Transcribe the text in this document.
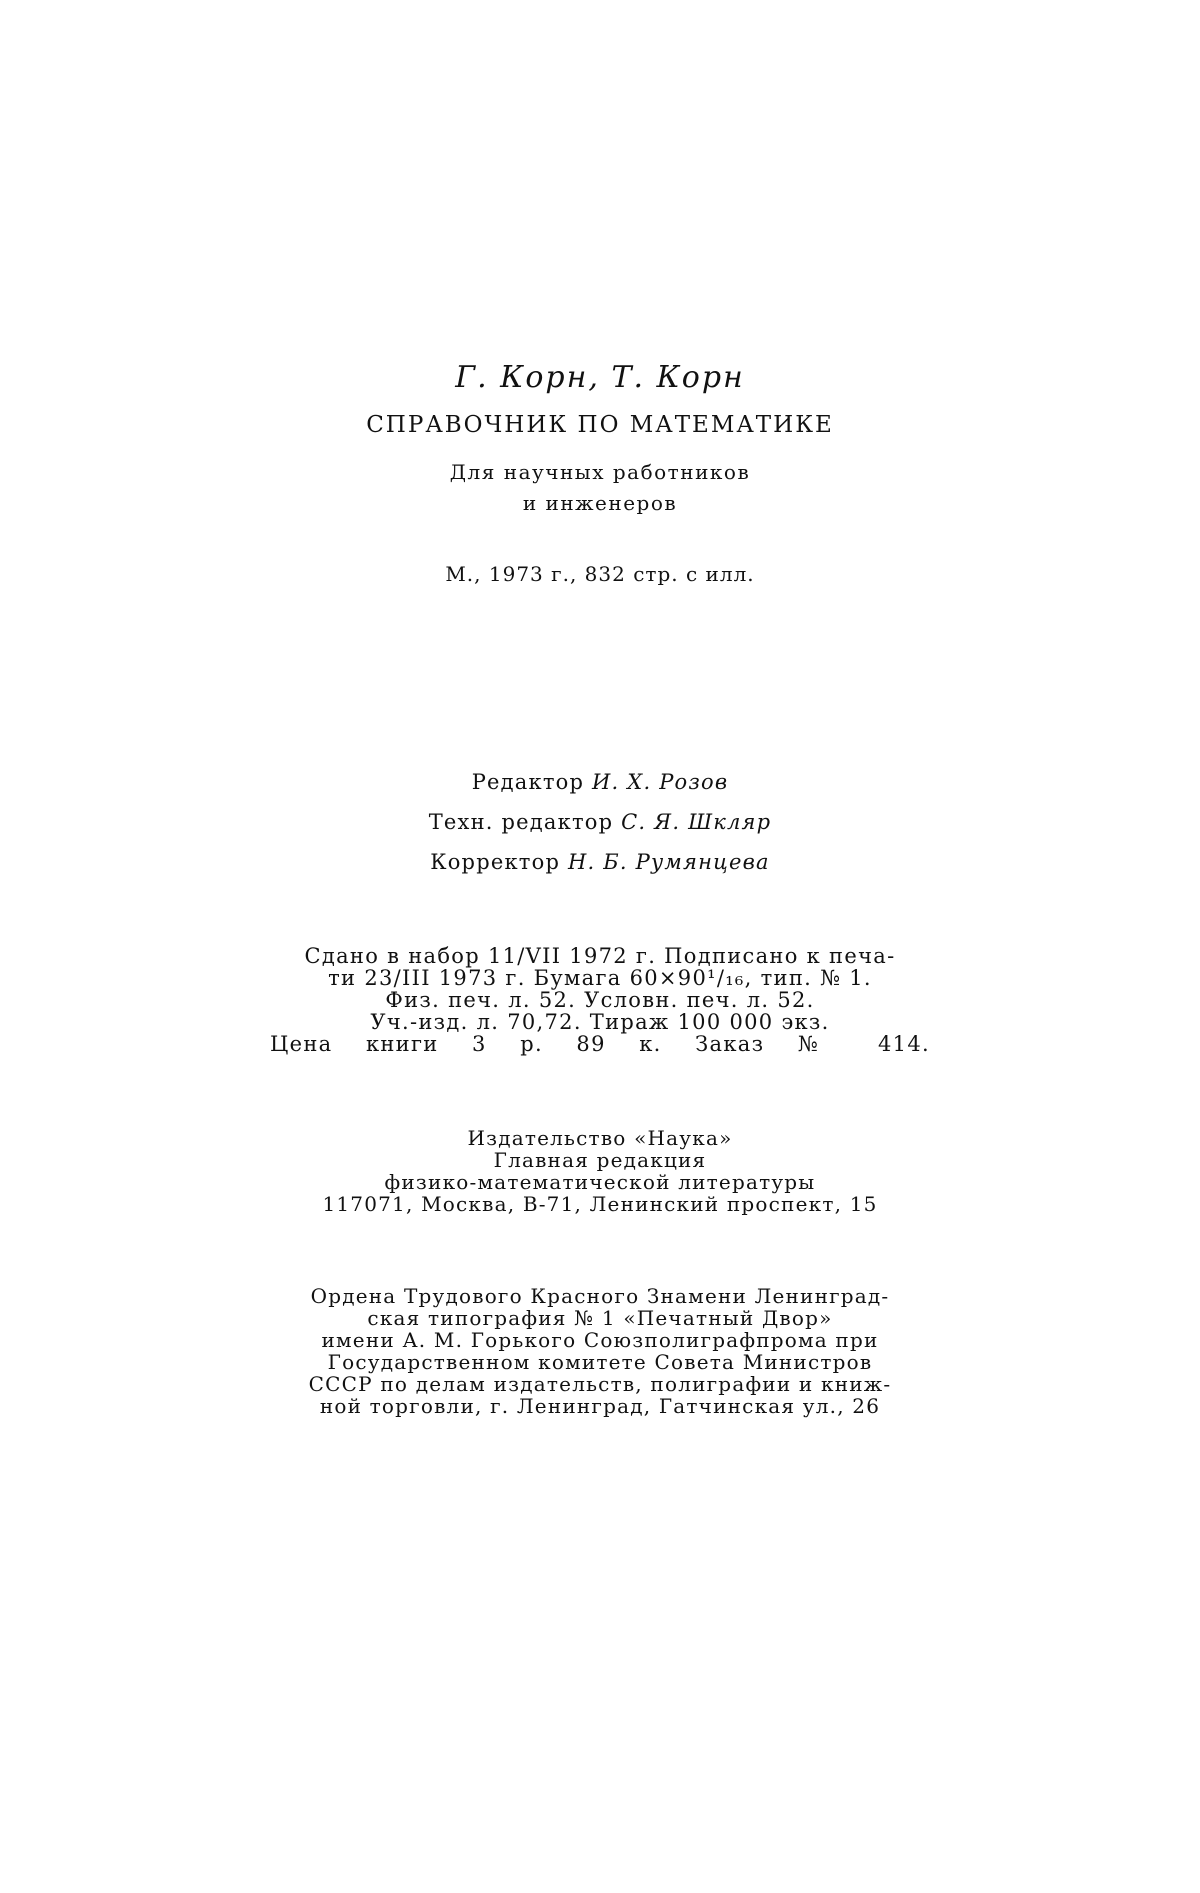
Г. Корн, Т. Корн
СПРАВОЧНИК ПО МАТЕМАТИКЕ
Для научных работников
и инженеров
М., 1973 г., 832 стр. с илл.
Редактор И. Х. Розов
Техн. редактор С. Я. Шкляр
Корректор Н. Б. Румянцева
Сдано в набор 11/VII 1972 г. Подписано к печа-
ти 23/III 1973 г. Бумага 60×90¹/₁₆, тип. № 1.
Физ. печ. л. 52. Условн. печ. л. 52.
Уч.-изд. л. 70,72. Тираж 100 000 экз.
Цена книги 3 р. 89 к. Заказ № 414.
Издательство «Наука»
Главная редакция
физико-математической литературы
117071, Москва, В-71, Ленинский проспект, 15
Ордена Трудового Красного Знамени Ленинград-
ская типография № 1 «Печатный Двор»
имени А. М. Горького Союзполиграфпрома при
Государственном комитете Совета Министров
СССР по делам издательств, полиграфии и книж-
ной торговли, г. Ленинград, Гатчинская ул., 26
